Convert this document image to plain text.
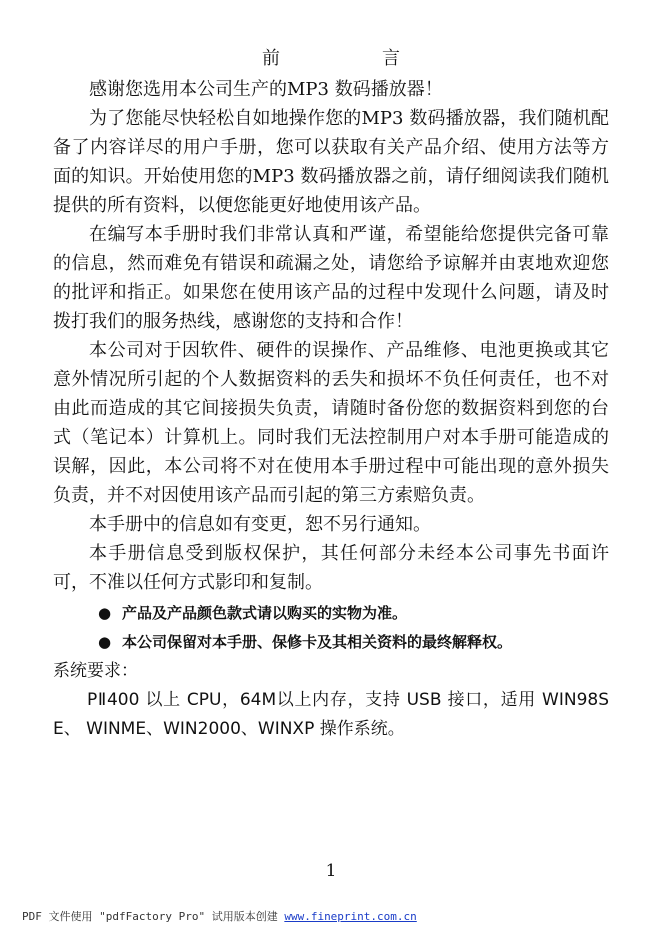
前　言

感谢您选用本公司生产的MP3 数码播放器！

为了您能尽快轻松自如地操作您的MP3 数码播放器，我们随机配备了内容详尽的用户手册，您可以获取有关产品介绍、使用方法等方面的知识。开始使用您的MP3 数码播放器之前，请仔细阅读我们随机提供的所有资料，以便您能更好地使用该产品。

在编写本手册时我们非常认真和严谨，希望能给您提供完备可靠的信息，然而难免有错误和疏漏之处，请您给予谅解并由衷地欢迎您的批评和指正。如果您在使用该产品的过程中发现什么问题，请及时拨打我们的服务热线，感谢您的支持和合作！

本公司对于因软件、硬件的误操作、产品维修、电池更换或其它意外情况所引起的个人数据资料的丢失和损坏不负任何责任，也不对由此而造成的其它间接损失负责，请随时备份您的数据资料到您的台式（笔记本）计算机上。同时我们无法控制用户对本手册可能造成的误解，因此，本公司将不对在使用本手册过程中可能出现的意外损失负责，并不对因使用该产品而引起的第三方索赔负责。

本手册中的信息如有变更，恕不另行通知。

本手册信息受到版权保护，其任何部分未经本公司事先书面许可，不准以任何方式影印和复制。

● 产品及产品颜色款式请以购买的实物为准。
● 本公司保留对本手册、保修卡及其相关资料的最终解释权。

系统要求：

PⅡ400 以上 CPU，64M以上内存，支持 USB 接口，适用 WIN98SE、 WINME、WIN2000、WINXP 操作系统。

1
PDF 文件使用 "pdfFactory Pro" 试用版本创建 www.fineprint.com.cn
